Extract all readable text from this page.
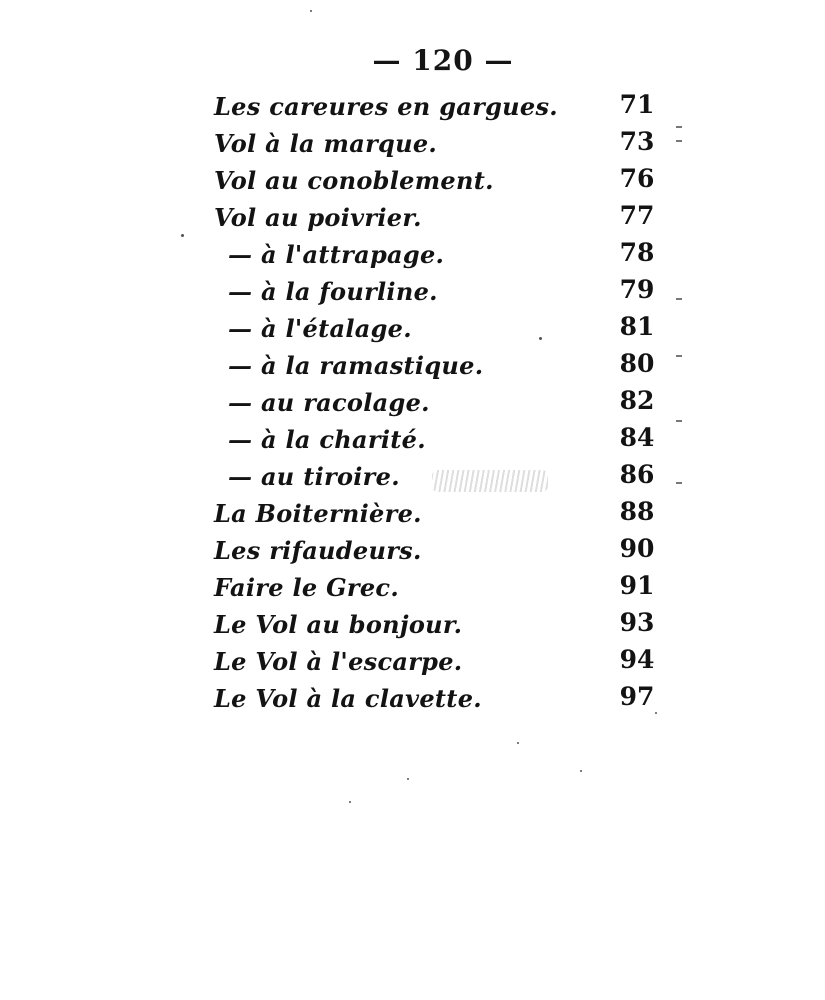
— 120 —
Les careures en gargues.	71
Vol à la marque.	73
Vol au conoblement.	76
Vol au poivrier.	77
— à l'attrapage.	78
— à la fourline.	79
— à l'étalage.	81
— à la ramastique.	80
— au racolage.	82
— à la charité.	84
— au tiroire.	86
La Boiternière.	88
Les rifaudeurs.	90
Faire le Grec.	91
Le Vol au bonjour.	93
Le Vol à l'escarpe.	94
Le Vol à la clavette.	97
